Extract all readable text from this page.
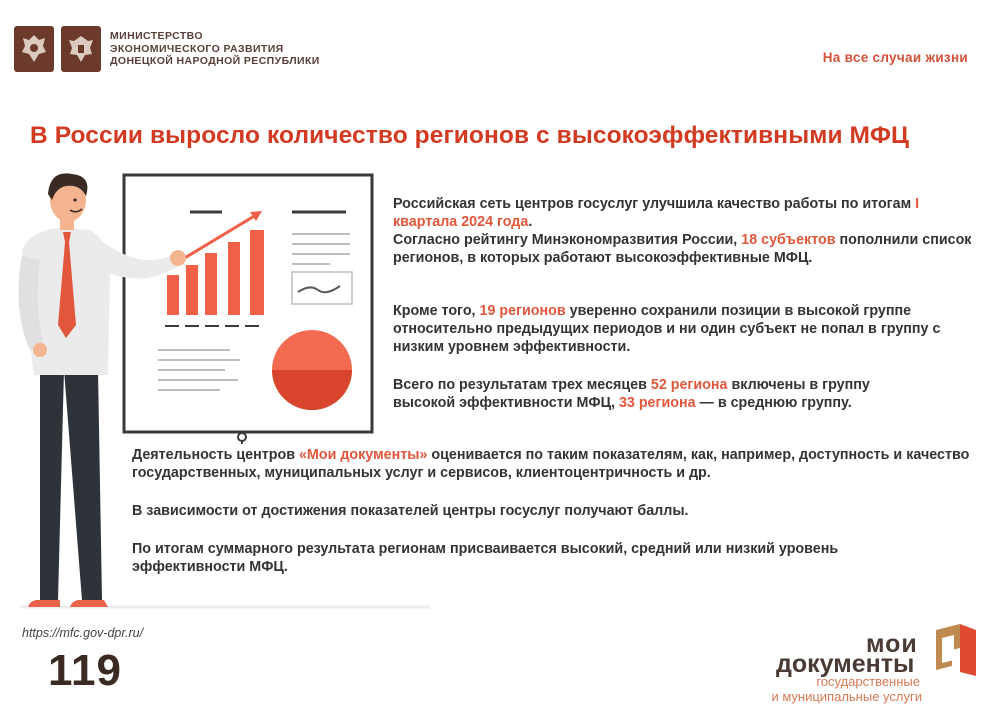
МИНИСТЕРСТВО
ЭКОНОМИЧЕСКОГО РАЗВИТИЯ
ДОНЕЦКОЙ НАРОДНОЙ РЕСПУБЛИКИ	На все случаи жизни
В России выросло количество регионов с высокоэффективными МФЦ
Российская сеть центров госуслуг улучшила качество работы по итогам I квартала 2024 года.
Согласно рейтингу Минэкономразвития России, 18 субъектов пополнили список регионов, в которых работают высокоэффективные МФЦ.
Кроме того, 19 регионов уверенно сохранили позиции в высокой группе относительно предыдущих периодов и ни один субъект не попал в группу с низким уровнем эффективности.
Всего по результатам трех месяцев 52 региона включены в группу высокой эффективности МФЦ, 33 региона — в среднюю группу.
Деятельность центров «Мои документы» оценивается по таким показателям, как, например, доступность и качество государственных, муниципальных услуг и сервисов, клиентоцентричность и др.
В зависимости от достижения показателей центры госуслуг получают баллы.
По итогам суммарного результата регионам присваивается высокий, средний или низкий уровень эффективности МФЦ.
https://mfc.gov-dpr.ru/
119
мои
документы
государственные
и муниципальные услуги
